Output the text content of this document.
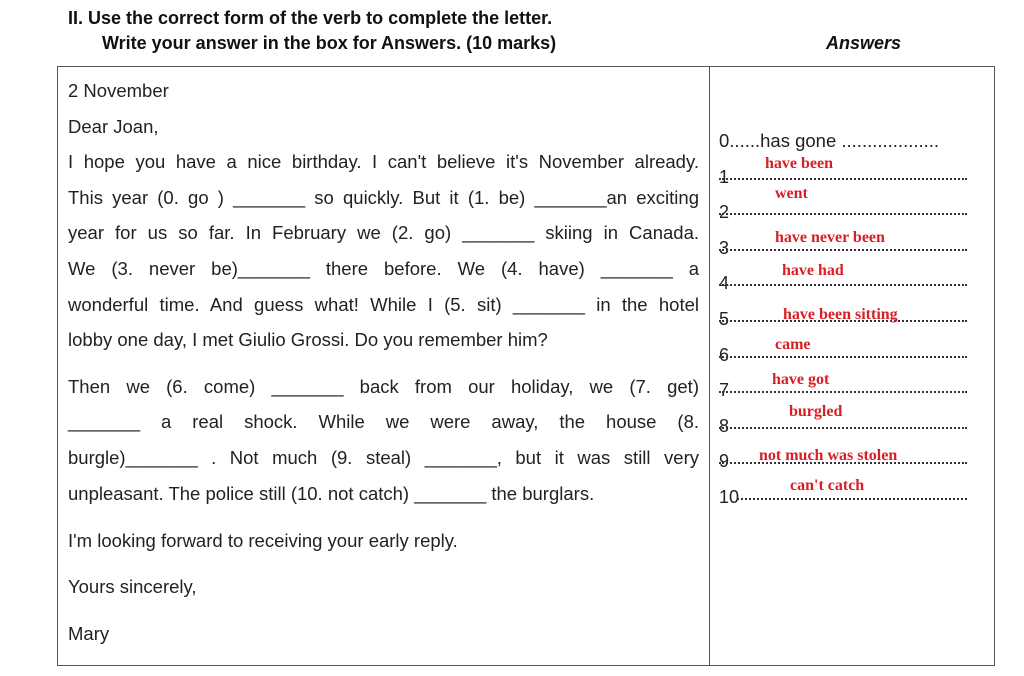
II. Use the correct form of the verb to complete the letter.
Write your answer in the box for Answers. (10 marks)	Answers
2 November
Dear Joan,
I hope you have a nice birthday. I can't believe it's November already.
This year (0. go ) _______ so quickly. But it (1. be) _______an exciting
year for us so far. In February we (2. go) _______ skiing in Canada.
We (3. never be)_______ there before. We (4. have) _______ a
wonderful time. And guess what! While I (5. sit) _______ in the hotel
lobby one day, I met Giulio Grossi. Do you remember him?
Then we (6. come) _______ back from our holiday, we (7. get)
_______ a real shock. While we were away, the house (8.
burgle)_______ . Not much (9. steal) _______, but it was still very
unpleasant. The police still (10. not catch) _______ the burglars.
I'm looking forward to receiving your early reply.
Yours sincerely,
Mary
0......has gone ...................
1
have been
2
went
3
have never been
4
have had
5	have been sitting
6
came
7
have got
8
burgled
9 not much was stolen
10
can't catch
